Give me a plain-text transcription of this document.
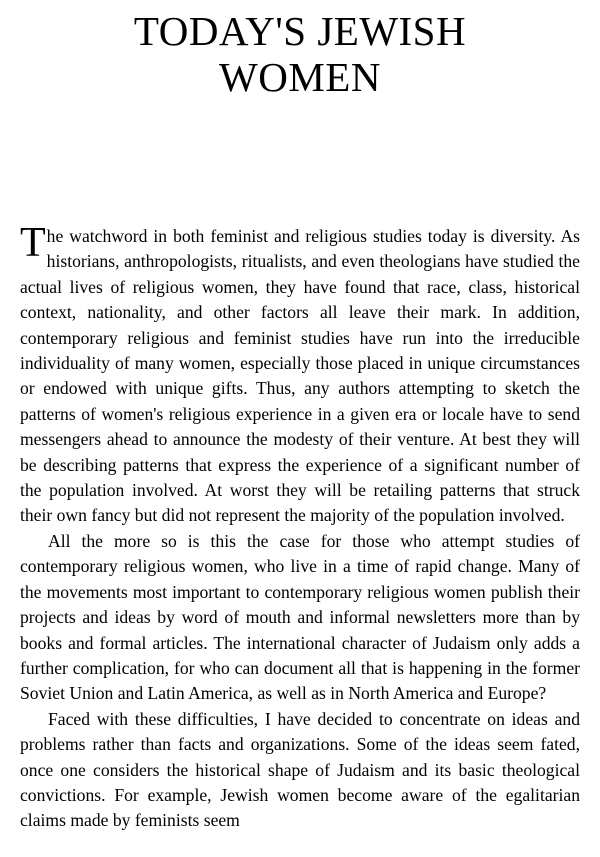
TODAY'S JEWISH
WOMEN

The watchword in both feminist and religious studies today is diversity. As historians, anthropologists, ritualists, and even theologians have studied the actual lives of religious women, they have found that race, class, historical context, nationality, and other factors all leave their mark. In addition, contemporary religious and feminist studies have run into the irreducible individuality of many women, especially those placed in unique circumstances or endowed with unique gifts. Thus, any authors attempting to sketch the patterns of women's religious experience in a given era or locale have to send messengers ahead to announce the modesty of their venture. At best they will be describing patterns that express the experience of a significant number of the population involved. At worst they will be retailing patterns that struck their own fancy but did not represent the majority of the population involved.

All the more so is this the case for those who attempt studies of contemporary religious women, who live in a time of rapid change. Many of the movements most important to contemporary religious women publish their projects and ideas by word of mouth and informal newsletters more than by books and formal articles. The international character of Judaism only adds a further complication, for who can document all that is happening in the former Soviet Union and Latin America, as well as in North America and Europe?

Faced with these difficulties, I have decided to concentrate on ideas and problems rather than facts and organizations. Some of the ideas seem fated, once one considers the historical shape of Judaism and its basic theological convictions. For example, Jewish women become aware of the egalitarian claims made by feminists seem
